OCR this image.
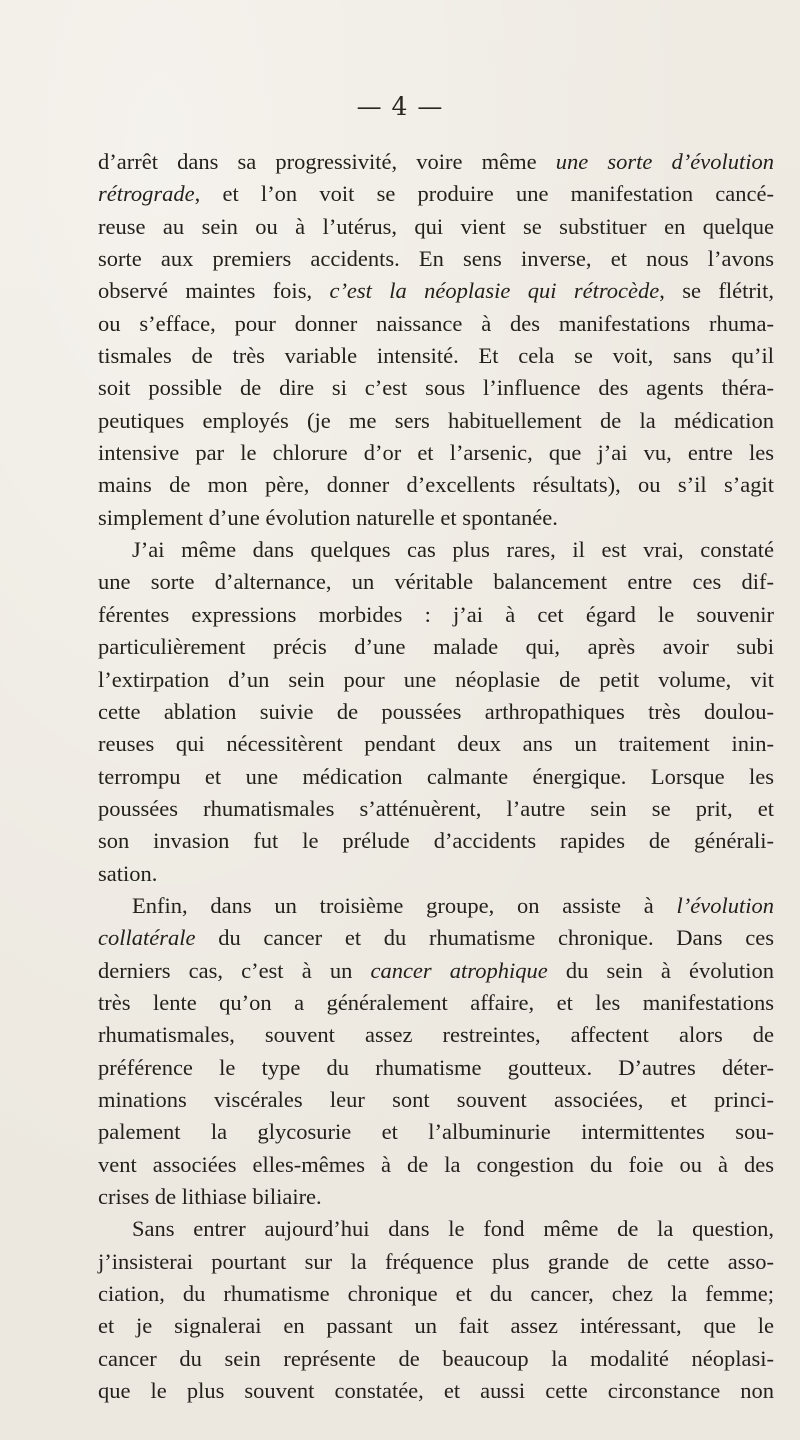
— 4 —
d’arrêt dans sa progressivité, voire même une sorte d’évolution
rétrograde, et l’on voit se produire une manifestation cancé-
reuse au sein ou à l’utérus, qui vient se substituer en quelque
sorte aux premiers accidents. En sens inverse, et nous l’avons
observé maintes fois, c’est la néoplasie qui rétrocède, se flétrit,
ou s’efface, pour donner naissance à des manifestations rhuma-
tismales de très variable intensité. Et cela se voit, sans qu’il
soit possible de dire si c’est sous l’influence des agents théra-
peutiques employés (je me sers habituellement de la médication
intensive par le chlorure d’or et l’arsenic, que j’ai vu, entre les
mains de mon père, donner d’excellents résultats), ou s’il s’agit
simplement d’une évolution naturelle et spontanée.
J’ai même dans quelques cas plus rares, il est vrai, constaté
une sorte d’alternance, un véritable balancement entre ces dif-
férentes expressions morbides : j’ai à cet égard le souvenir
particulièrement précis d’une malade qui, après avoir subi
l’extirpation d’un sein pour une néoplasie de petit volume, vit
cette ablation suivie de poussées arthropathiques très doulou-
reuses qui nécessitèrent pendant deux ans un traitement inin-
terrompu et une médication calmante énergique. Lorsque les
poussées rhumatismales s’atténuèrent, l’autre sein se prit, et
son invasion fut le prélude d’accidents rapides de générali-
sation.
Enfin, dans un troisième groupe, on assiste à l’évolution
collatérale du cancer et du rhumatisme chronique. Dans ces
derniers cas, c’est à un cancer atrophique du sein à évolution
très lente qu’on a généralement affaire, et les manifestations
rhumatismales, souvent assez restreintes, affectent alors de
préférence le type du rhumatisme goutteux. D’autres déter-
minations viscérales leur sont souvent associées, et princi-
palement la glycosurie et l’albuminurie intermittentes sou-
vent associées elles-mêmes à de la congestion du foie ou à des
crises de lithiase biliaire.
Sans entrer aujourd’hui dans le fond même de la question,
j’insisterai pourtant sur la fréquence plus grande de cette asso-
ciation, du rhumatisme chronique et du cancer, chez la femme;
et je signalerai en passant un fait assez intéressant, que le
cancer du sein représente de beaucoup la modalité néoplasi-
que le plus souvent constatée, et aussi cette circonstance non
